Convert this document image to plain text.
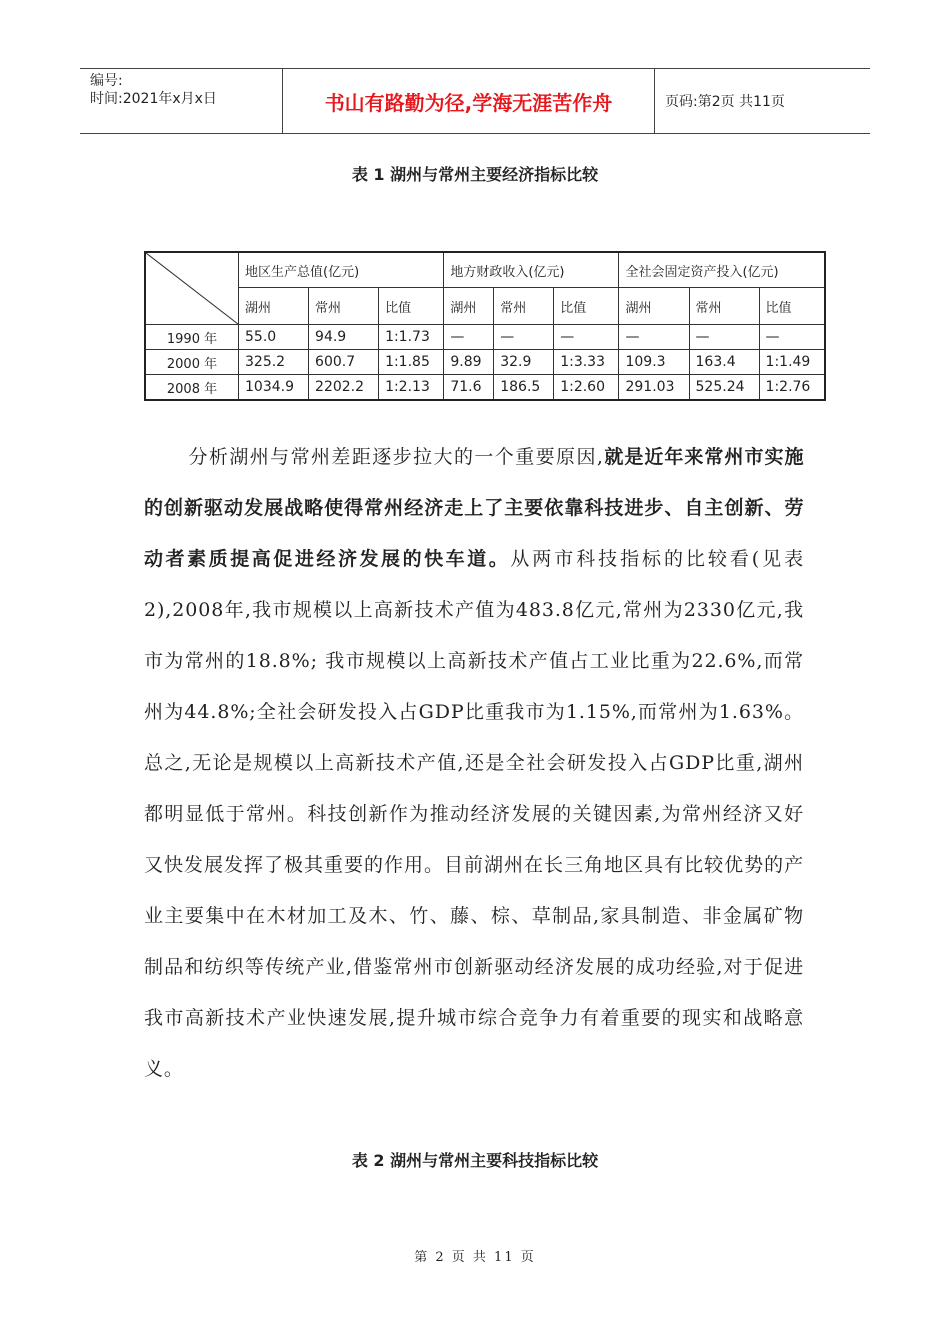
编号:
时间:2021年x月x日	书山有路勤为径,学海无涯苦作舟	页码:第2页 共11页
表 1 湖州与常州主要经济指标比较
	地区生产总值(亿元)			地方财政收入(亿元)			全社会固定资产投入(亿元)		
	湖州	常州	比值	湖州	常州	比值	湖州	常州	比值
1990 年	55.0	94.9	1:1.73	—	—	—	—	—	—
2000 年	325.2	600.7	1:1.85	9.89	32.9	1:3.33	109.3	163.4	1:1.49
2008 年	1034.9	2202.2	1:2.13	71.6	186.5	1:2.60	291.03	525.24	1:2.76
分析湖州与常州差距逐步拉大的一个重要原因,就是近年来常州市实施的创新驱动发展战略使得常州经济走上了主要依靠科技进步、自主创新、劳动者素质提高促进经济发展的快车道。从两市科技指标的比较看(见表2),2008年,我市规模以上高新技术产值为483.8亿元,常州为2330亿元,我市为常州的18.8%; 我市规模以上高新技术产值占工业比重为22.6%,而常州为44.8%;全社会研发投入占GDP比重我市为1.15%,而常州为1.63%。总之,无论是规模以上高新技术产值,还是全社会研发投入占GDP比重,湖州都明显低于常州。科技创新作为推动经济发展的关键因素,为常州经济又好又快发展发挥了极其重要的作用。目前湖州在长三角地区具有比较优势的产业主要集中在木材加工及木、竹、藤、棕、草制品,家具制造、非金属矿物制品和纺织等传统产业,借鉴常州市创新驱动经济发展的成功经验,对于促进我市高新技术产业快速发展,提升城市综合竞争力有着重要的现实和战略意义。
表 2 湖州与常州主要科技指标比较
第 2 页 共 11 页
